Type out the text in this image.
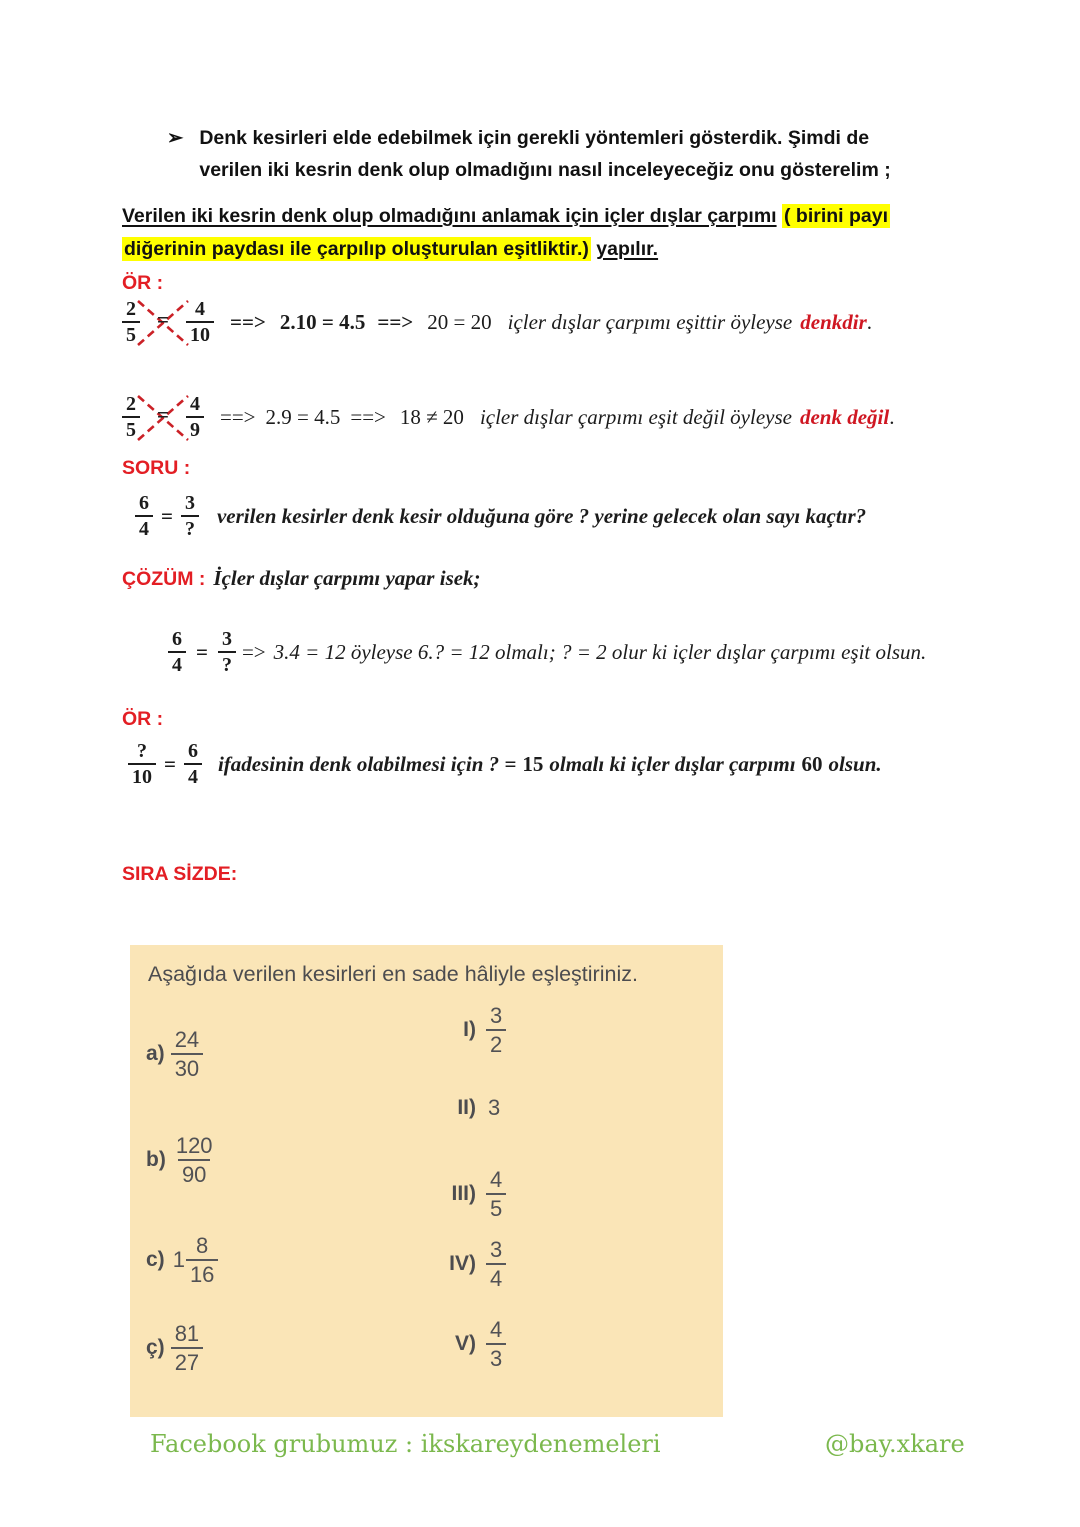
➢ Denk kesirleri elde edebilmek için gerekli yöntemleri gösterdik. Şimdi de
verilen iki kesrin denk olup olmadığını nasıl inceleyeceğiz onu gösterelim ;
Verilen iki kesrin denk olup olmadığını anlamak için içler dışlar çarpımı ( birini payı
diğerinin paydası ile çarpılıp oluşturulan eşitliktir.) yapılır.
ÖR :
$\frac{2}{5} = \frac{4}{10}$ ==> 2.10 = 4.5 ==> 20 = 20 içler dışlar çarpımı eşittir öyleyse denkdir .
$\frac{2}{5} = \frac{4}{9}$ ==> 2.9 = 4.5 ==> 18 ≠ 20 içler dışlar çarpımı eşit değil öyleyse denk değil .
SORU :
$\frac{6}{4} = \frac{3}{?}$ verilen kesirler denk kesir olduğuna göre ? yerine gelecek olan sayı kaçtır?
ÇÖZÜM : İçler dışlar çarpımı yapar isek;
$\frac{6}{4} = \frac{3}{?} => 3.4 = 12$ öyleyse 6.? = 12 olmalı; ? = 2 olur ki içler dışlar çarpımı eşit olsun.
ÖR :
$\frac{?}{10} = \frac{6}{4}$ ifadesinin denk olabilmesi için ? = 15 olmalı ki içler dışlar çarpımı 60 olsun.
SIRA SİZDE:
Aşağıda verilen kesirleri en sade hâliyle eşleştiriniz.
$a) \frac{24}{30}$
$b) \frac{120}{90}$
c) $1 \frac{8}{16}$
ç) $\frac{81}{27}$
$I) \frac{3}{2}$
II) 3
$III) \frac{4}{5}$
$IV) \frac{3}{4}$
$V) \frac{4}{3}$
Facebook grubumuz : ikskareydenemeleri	@bay.xkare
